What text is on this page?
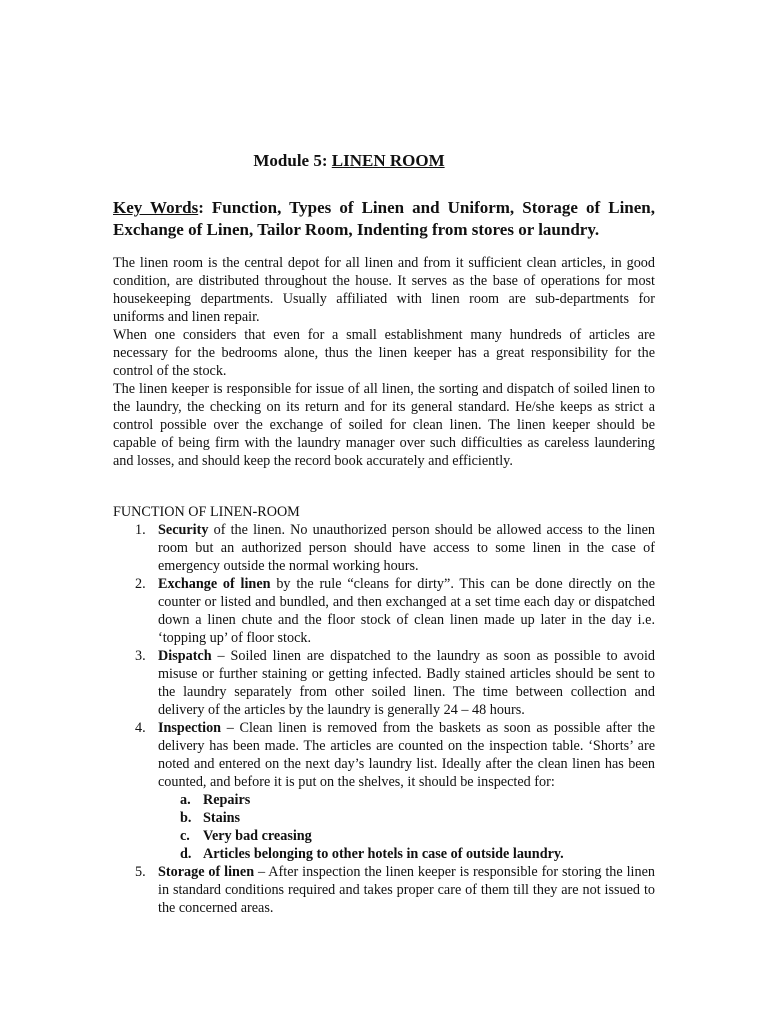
Module 5: LINEN ROOM

Key Words: Function, Types of Linen and Uniform, Storage of Linen, Exchange of Linen, Tailor Room, Indenting from stores or laundry.

The linen room is the central depot for all linen and from it sufficient clean articles, in good condition, are distributed throughout the house. It serves as the base of operations for most housekeeping departments. Usually affiliated with linen room are sub-departments for uniforms and linen repair.

When one considers that even for a small establishment many hundreds of articles are necessary for the bedrooms alone, thus the linen keeper has a great responsibility for the control of the stock.

The linen keeper is responsible for issue of all linen, the sorting and dispatch of soiled linen to the laundry, the checking on its return and for its general standard. He/she keeps as strict a control possible over the exchange of soiled for clean linen. The linen keeper should be capable of being firm with the laundry manager over such difficulties as careless laundering and losses, and should keep the record book accurately and efficiently.

FUNCTION OF LINEN-ROOM

1. Security of the linen. No unauthorized person should be allowed access to the linen room but an authorized person should have access to some linen in the case of emergency outside the normal working hours.
2. Exchange of linen by the rule “cleans for dirty”. This can be done directly on the counter or listed and bundled, and then exchanged at a set time each day or dispatched down a linen chute and the floor stock of clean linen made up later in the day i.e. ‘topping up’ of floor stock.
3. Dispatch – Soiled linen are dispatched to the laundry as soon as possible to avoid misuse or further staining or getting infected. Badly stained articles should be sent to the laundry separately from other soiled linen. The time between collection and delivery of the articles by the laundry is generally 24 – 48 hours.
4. Inspection – Clean linen is removed from the baskets as soon as possible after the delivery has been made. The articles are counted on the inspection table. ‘Shorts’ are noted and entered on the next day’s laundry list. Ideally after the clean linen has been counted, and before it is put on the shelves, it should be inspected for:
a. Repairs
b. Stains
c. Very bad creasing
d. Articles belonging to other hotels in case of outside laundry.
5. Storage of linen – After inspection the linen keeper is responsible for storing the linen in standard conditions required and takes proper care of them till they are not issued to the concerned areas.
